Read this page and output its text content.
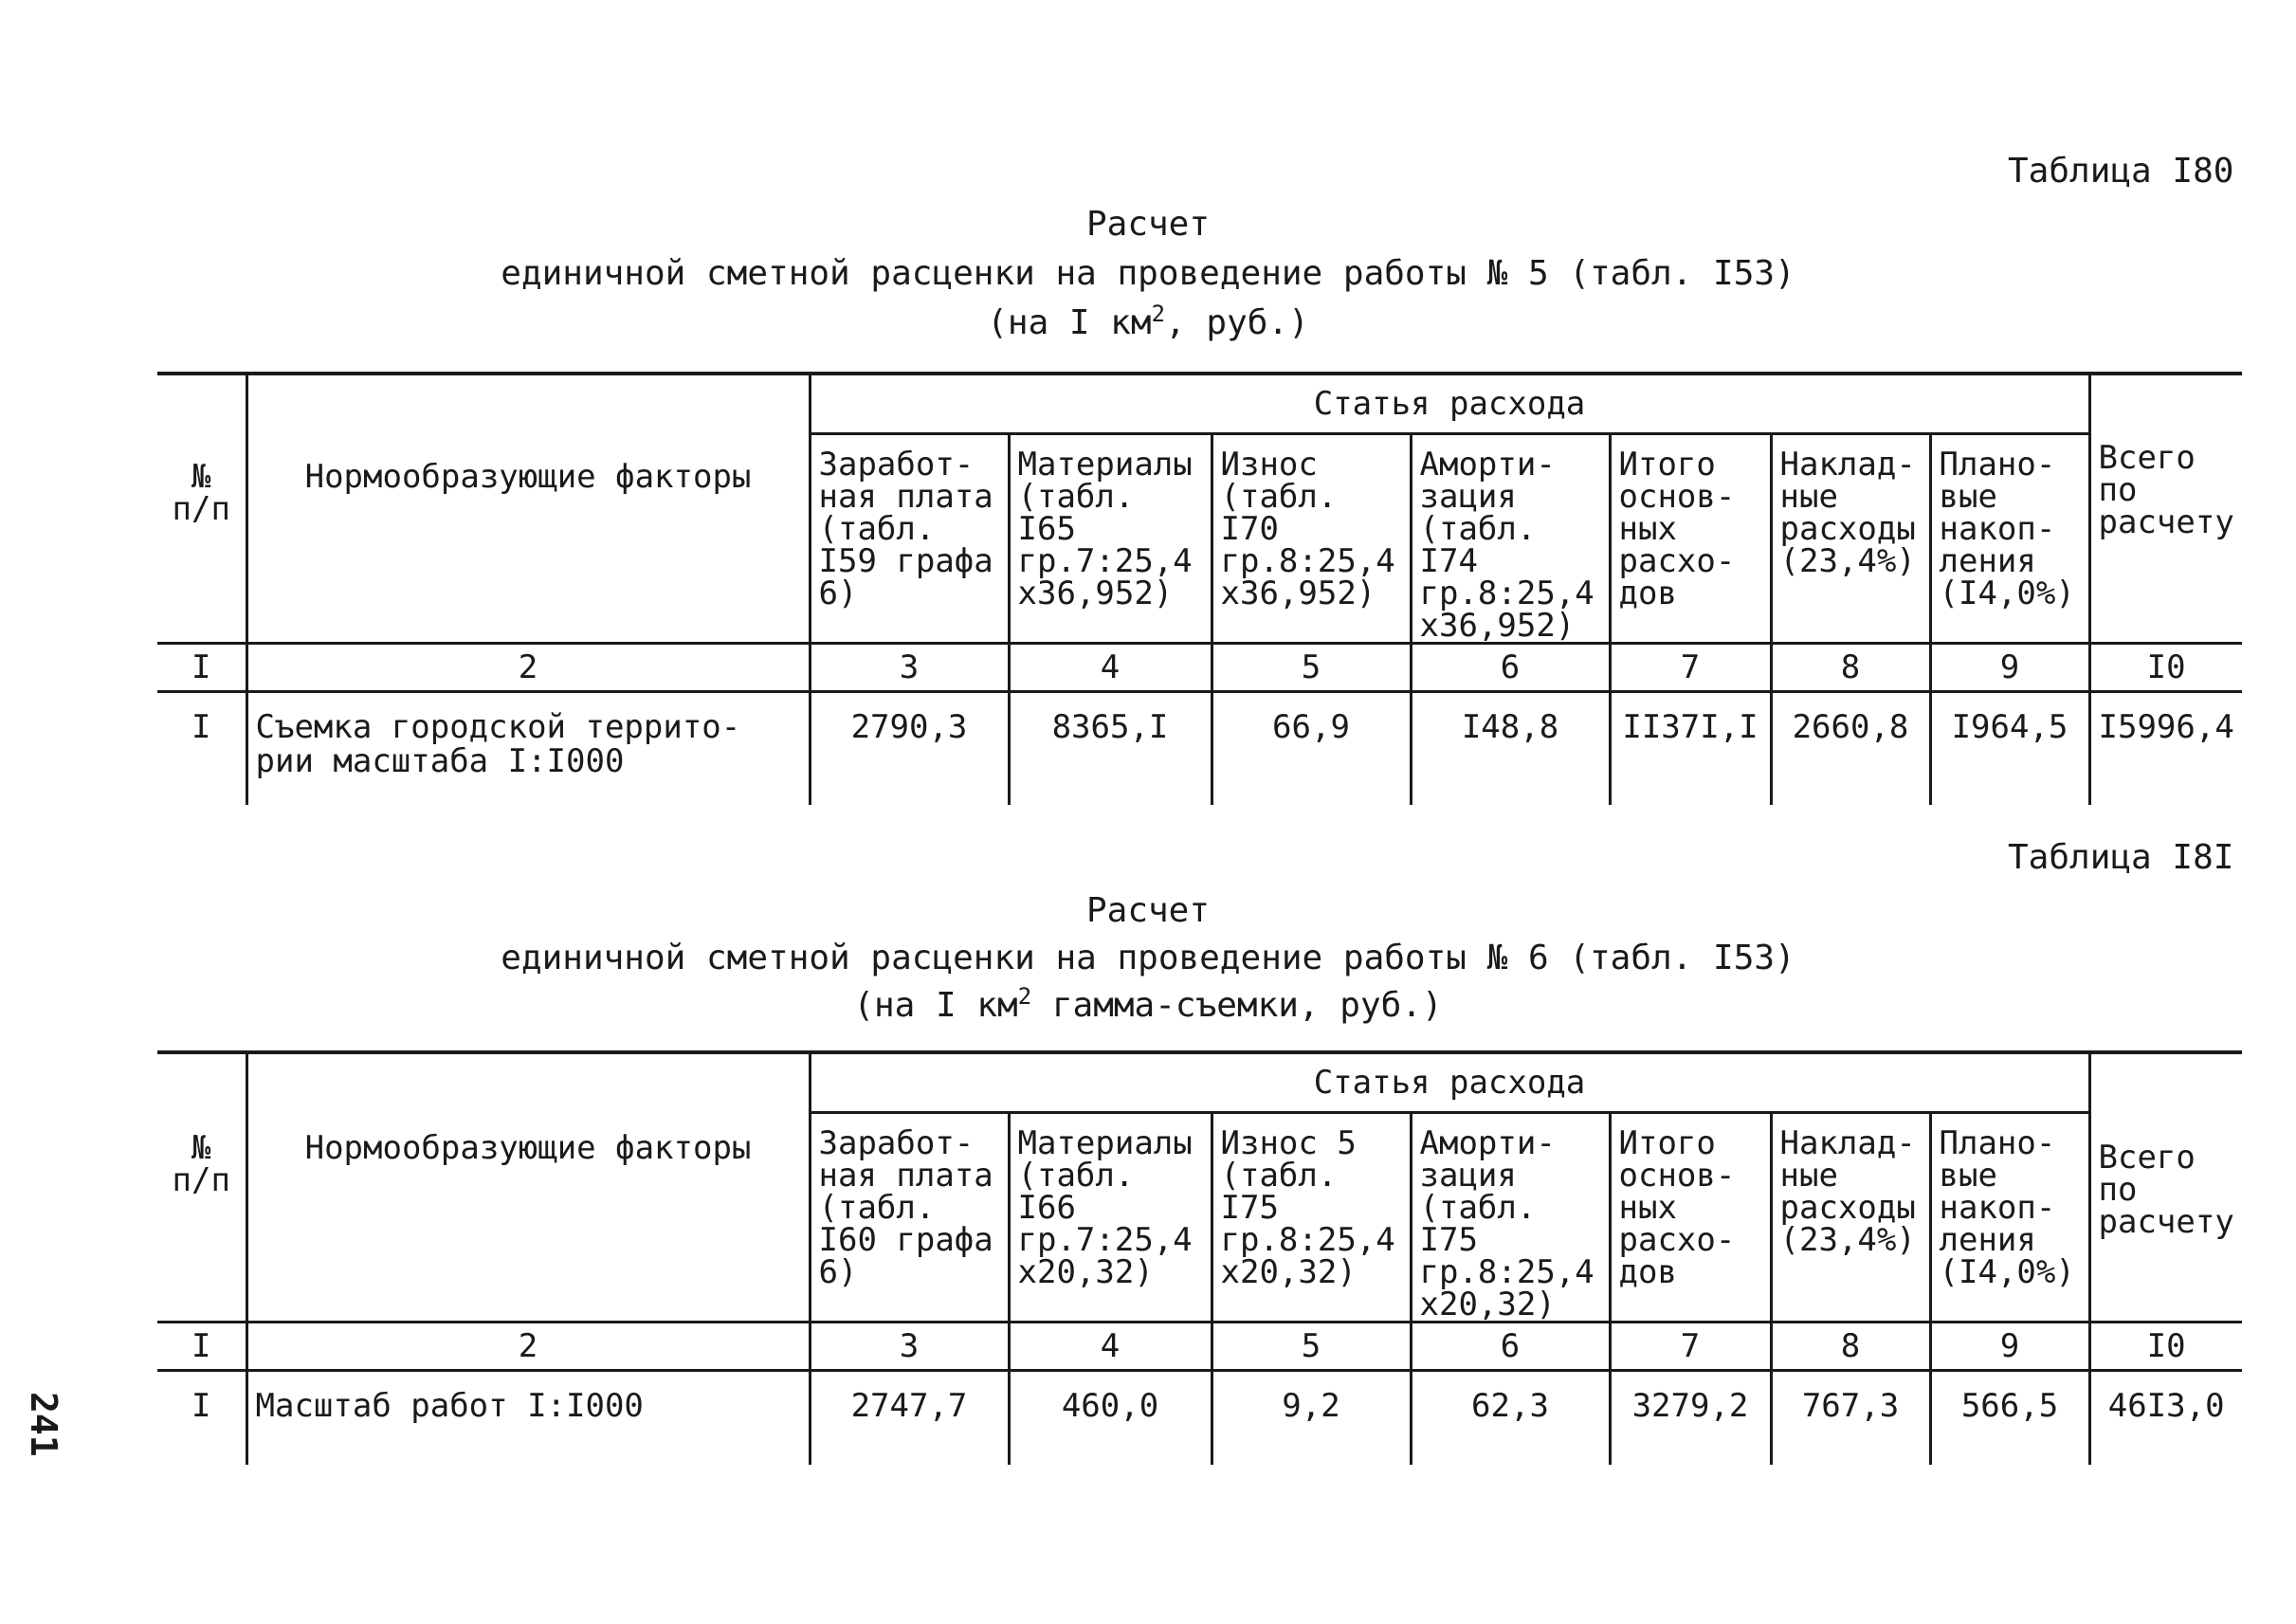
241
Таблица I80
Расчет
единичной сметной расценки на проведение работы № 5 (табл. I53)
(на I $км^2$, руб.)
№ п/п	Нормообразующие факторы	Статья расхода							Всего по расчету
		Заработ- ная плата (табл. I59 графа 6)	Материалы (табл. I65 гр.7:25,4 х36,952)	Износ (табл. I70 гр.8:25,4 х36,952)	Аморти- зация (табл. I74 гр.8:25,4 х36,952)	Итого основ- ных расхо- дов	Наклад- ные расходы (23,4%)	Плано- вые накоп- ления (I4,0%)	
I	2	3	4	5	6	7	8	9	I0
I	Съемка городской террито- рии масштаба I:I000	2790,3	8365,I	66,9	I48,8	II37I,I	2660,8	I964,5	I5996,4
Таблица I8I
Расчет
единичной сметной расценки на проведение работы № 6 (табл. I53)
(на I $км^2$ гамма-съемки, руб.)
№ п/п	Нормообразующие факторы	Статья расхода							Всего по расчету
		Заработ- ная плата (табл. I60 графа 6)	Материалы (табл. I66 гр.7:25,4 х20,32)	Износ 5 (табл. I75 гр.8:25,4 х20,32)	Аморти- зация (табл. I75 гр.8:25,4 х20,32)	Итого основ- ных расхо- дов	Наклад- ные расходы (23,4%)	Плано- вые накоп- ления (I4,0%)	
I	2	3	4	5	6	7	8	9	I0
I	Масштаб работ I:I000	2747,7	460,0	9,2	62,3	3279,2	767,3	566,5	46I3,0
